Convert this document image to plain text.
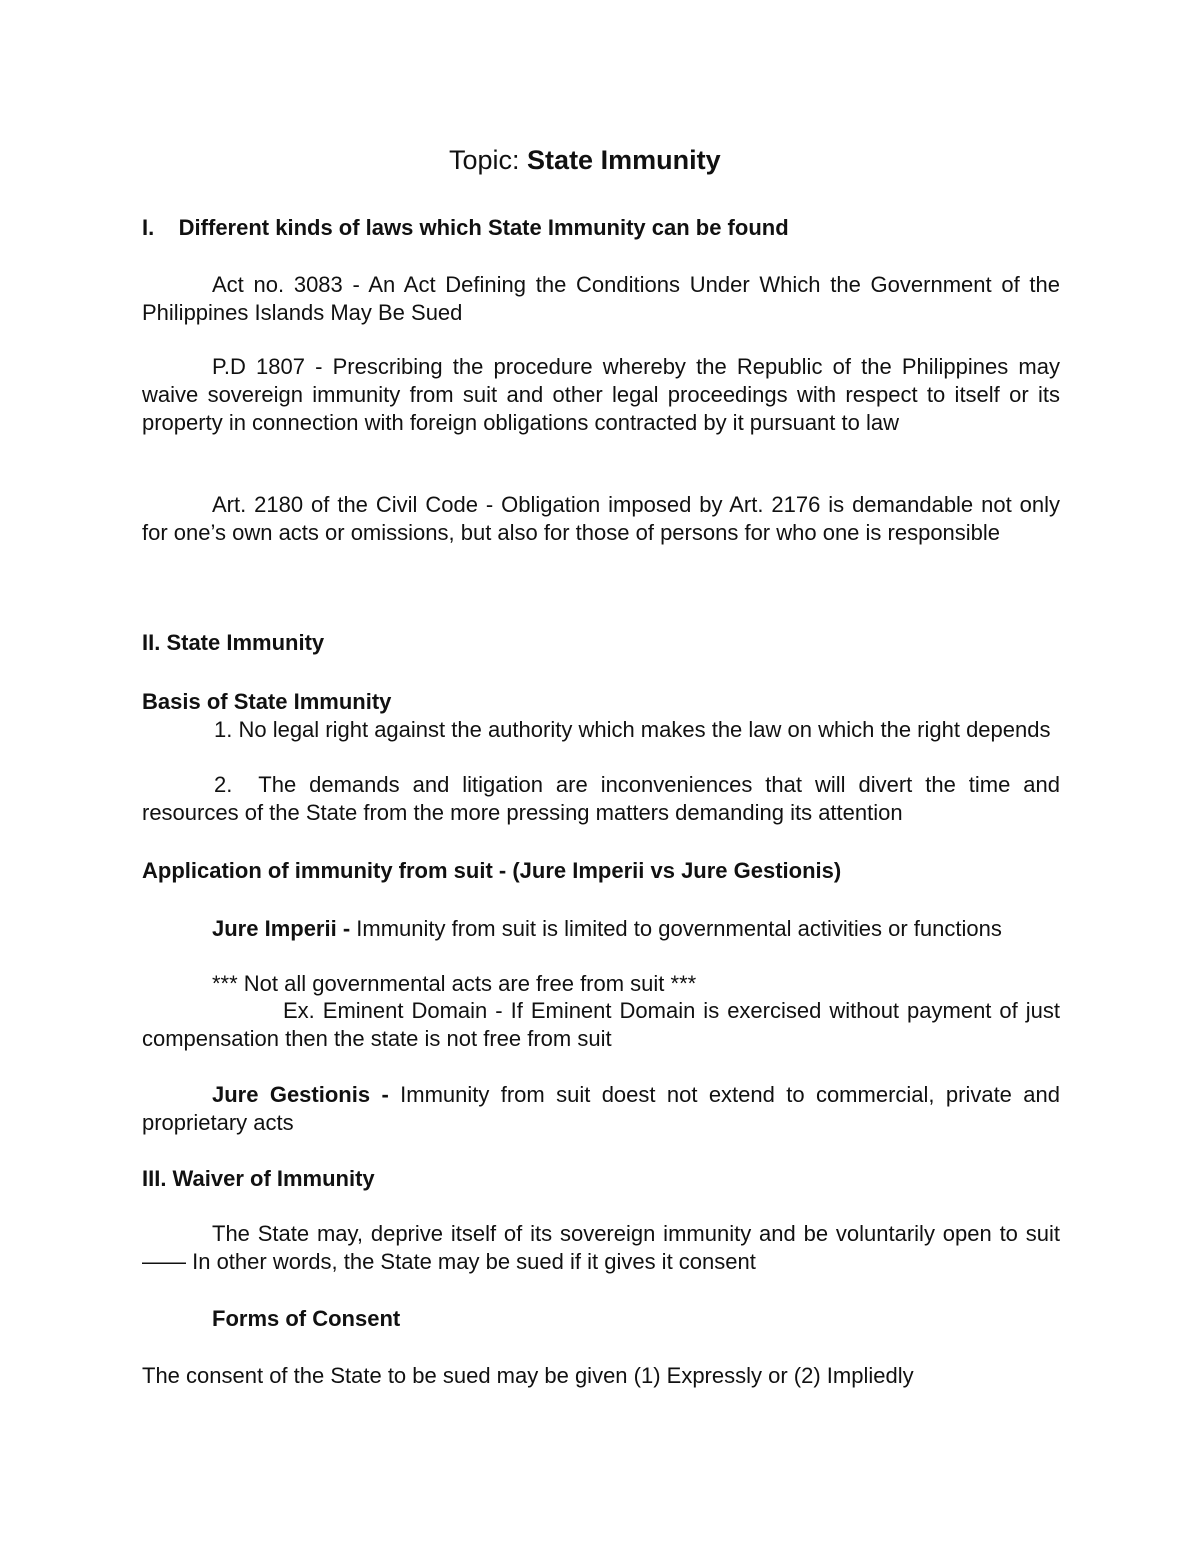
Topic: State Immunity
I.    Different kinds of laws which State Immunity can be found

Act no. 3083 - An Act Defining the Conditions Under Which the Government of the Philippines Islands May Be Sued

P.D 1807 - Prescribing the procedure whereby the Republic of the Philippines may waive sovereign immunity from suit and other legal proceedings with respect to itself or its property in connection with foreign obligations contracted by it pursuant to law

Art. 2180 of the Civil Code - Obligation imposed by Art. 2176 is demandable not only for one’s own acts or omissions, but also for those of persons for who one is responsible

II. State Immunity
Basis of State Immunity

1. No legal right against the authority which makes the law on which the right depends

2.  The demands and litigation are inconveniences that will divert the time and resources of the State from the more pressing matters demanding its attention

Application of immunity from suit - (Jure Imperii vs Jure Gestionis)

Jure Imperii - Immunity from suit is limited to governmental activities or functions

*** Not all governmental acts are free from suit ***

Ex. Eminent Domain - If Eminent Domain is exercised without payment of just compensation then the state is not free from suit

Jure Gestionis - Immunity from suit doest not extend to commercial, private and proprietary acts

III. Waiver of Immunity

The State may, deprive itself of its sovereign immunity and be voluntarily open to suit —— In other words, the State may be sued if it gives it consent

Forms of Consent
The consent of the State to be sued may be given (1) Expressly or (2) Impliedly
